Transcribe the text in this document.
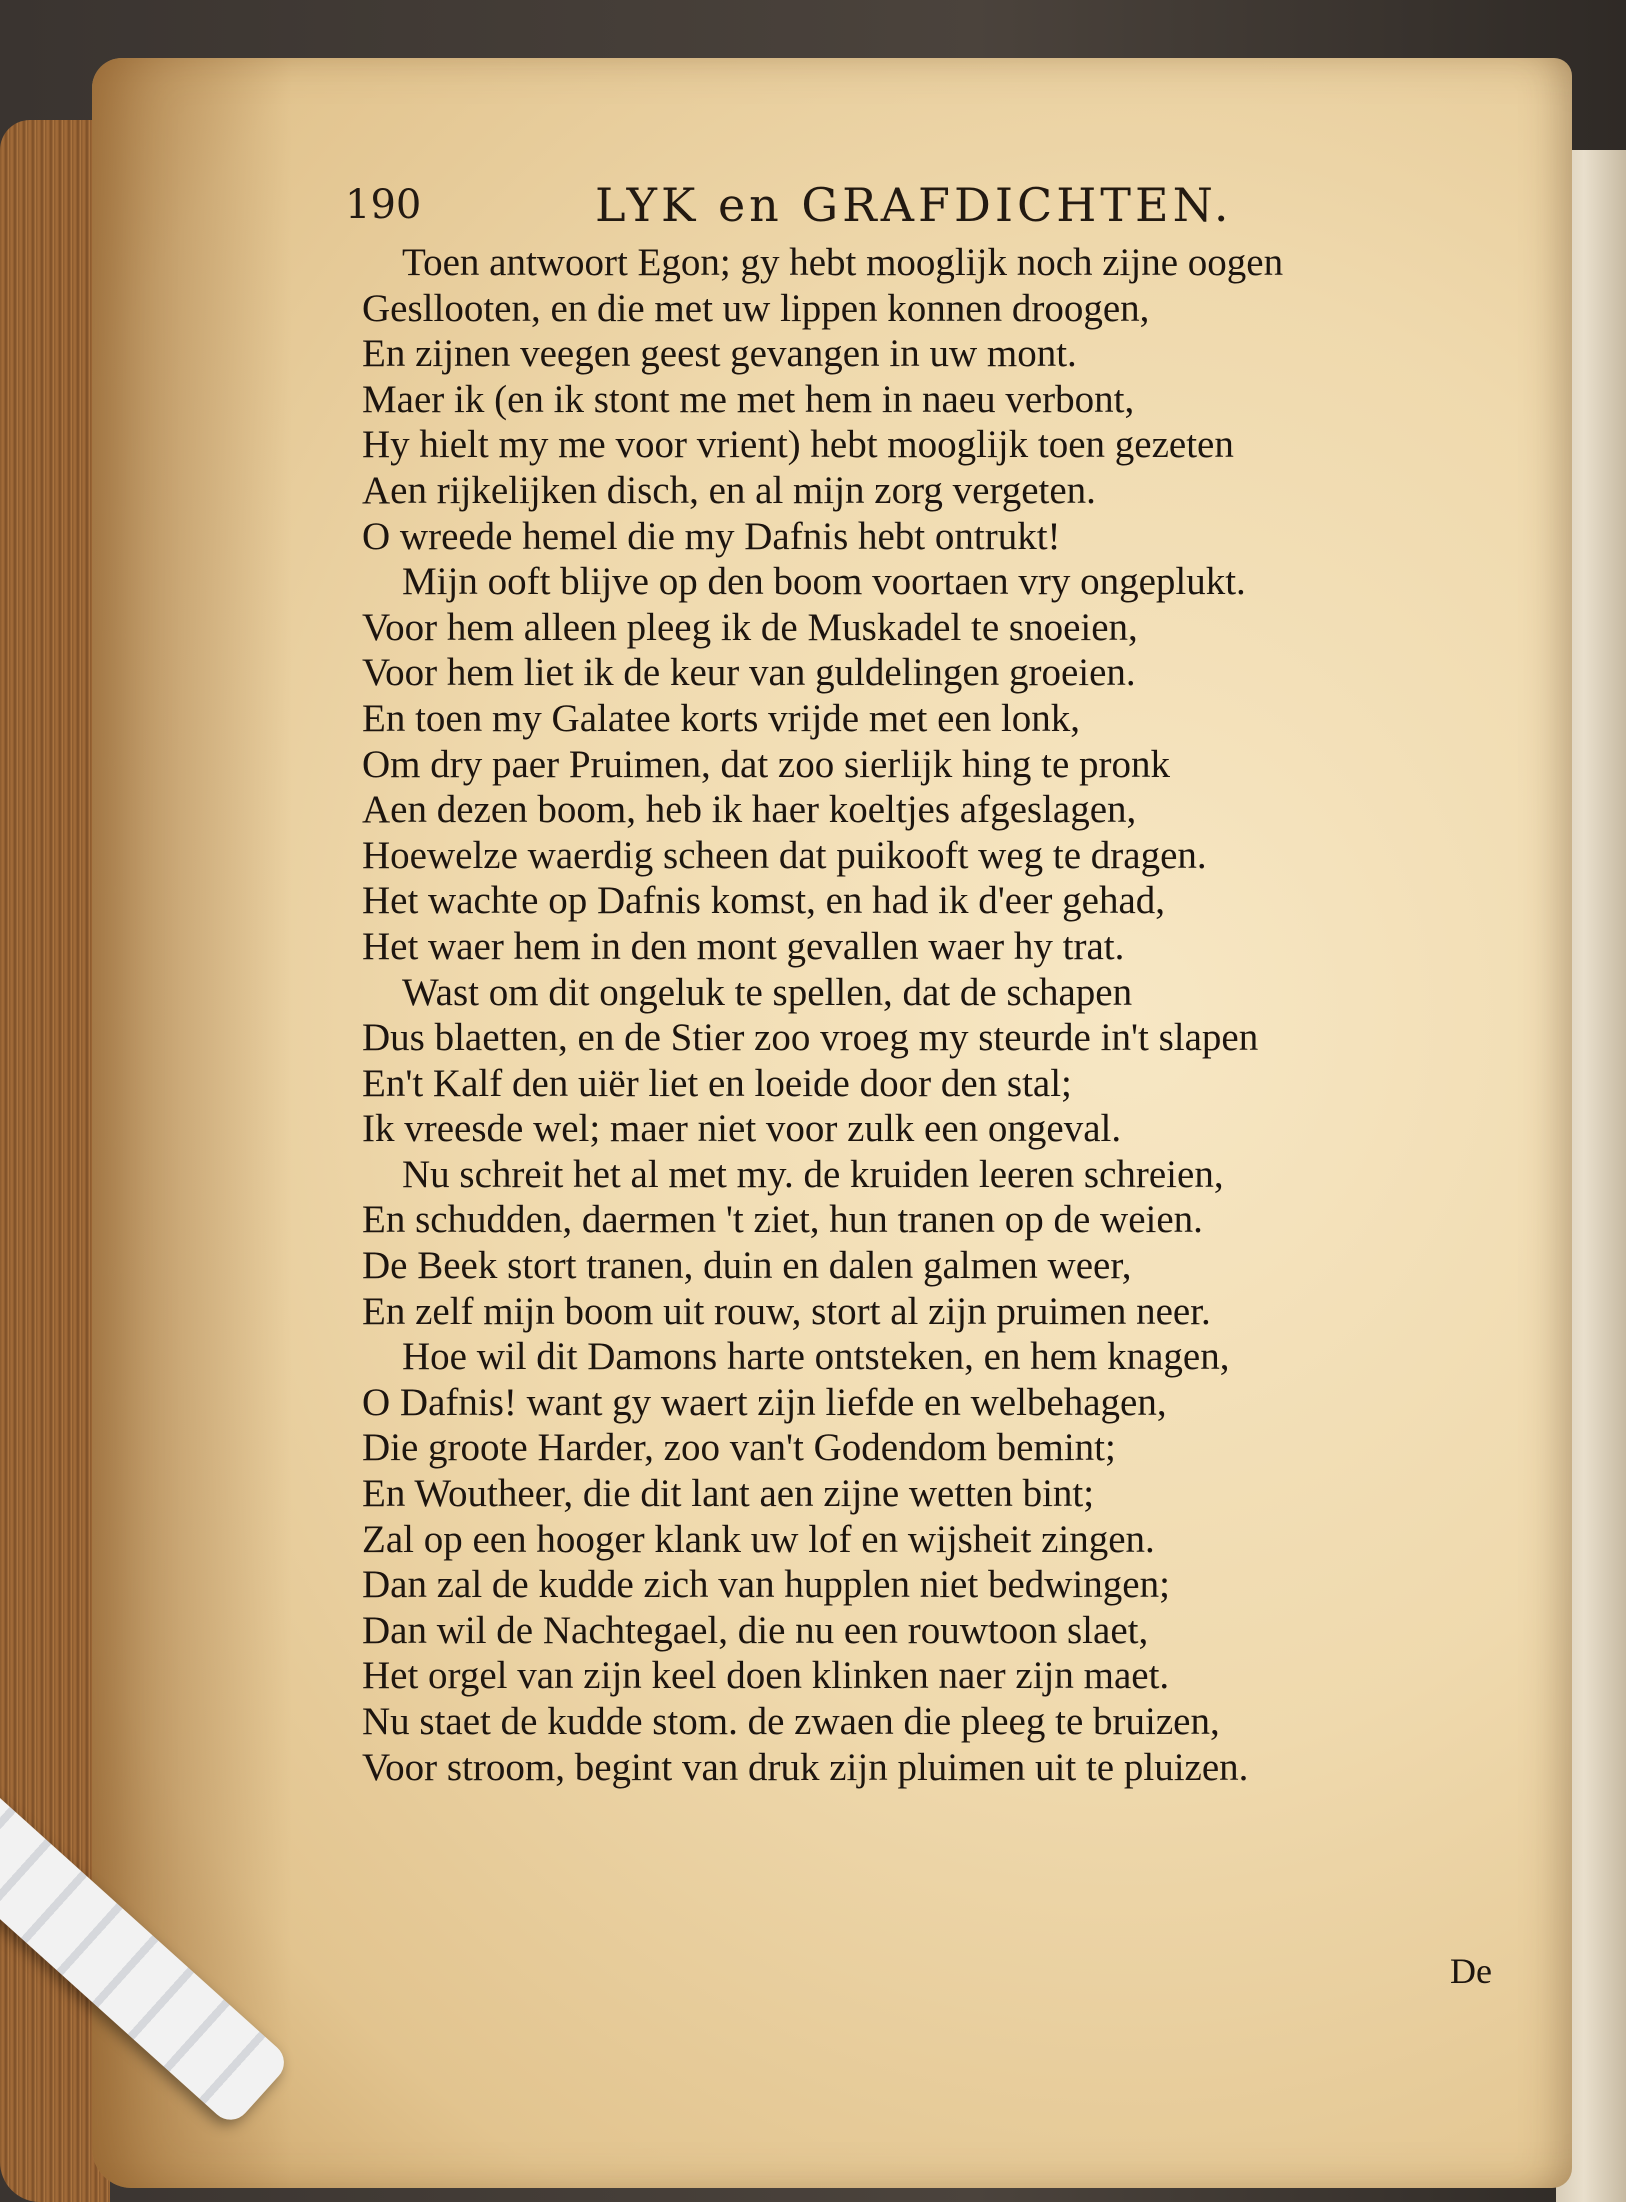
190	LYK en GRAFDICHTEN.
Toen antwoort Egon; gy hebt mooglijk noch zijne oogen
Gesllooten, en die met uw lippen konnen droogen,
En zijnen veegen geest gevangen in uw mont.
Maer ik (en ik stont me met hem in naeu verbont,
Hy hielt my me voor vrient) hebt mooglijk toen gezeten
Aen rijkelijken disch, en al mijn zorg vergeten.
O wreede hemel die my Dafnis hebt ontrukt!
Mijn ooft blijve op den boom voortaen vry ongeplukt.
Voor hem alleen pleeg ik de Muskadel te snoeien,
Voor hem liet ik de keur van guldelingen groeien.
En toen my Galatee korts vrijde met een lonk,
Om dry paer Pruimen, dat zoo sierlijk hing te pronk
Aen dezen boom, heb ik haer koeltjes afgeslagen,
Hoewelze waerdig scheen dat puikooft weg te dragen.
Het wachte op Dafnis komst, en had ik d'eer gehad,
Het waer hem in den mont gevallen waer hy trat.
Wast om dit ongeluk te spellen, dat de schapen
Dus blaetten, en de Stier zoo vroeg my steurde in't slapen
En't Kalf den uiër liet en loeide door den stal;
Ik vreesde wel; maer niet voor zulk een ongeval.
Nu schreit het al met my. de kruiden leeren schreien,
En schudden, daermen 't ziet, hun tranen op de weien.
De Beek stort tranen, duin en dalen galmen weer,
En zelf mijn boom uit rouw, stort al zijn pruimen neer.
Hoe wil dit Damons harte ontsteken, en hem knagen,
O Dafnis! want gy waert zijn liefde en welbehagen,
Die groote Harder, zoo van't Godendom bemint;
En Woutheer, die dit lant aen zijne wetten bint;
Zal op een hooger klank uw lof en wijsheit zingen.
Dan zal de kudde zich van hupplen niet bedwingen;
Dan wil de Nachtegael, die nu een rouwtoon slaet,
Het orgel van zijn keel doen klinken naer zijn maet.
Nu staet de kudde stom. de zwaen die pleeg te bruizen,
Voor stroom, begint van druk zijn pluimen uit te pluizen.
De
